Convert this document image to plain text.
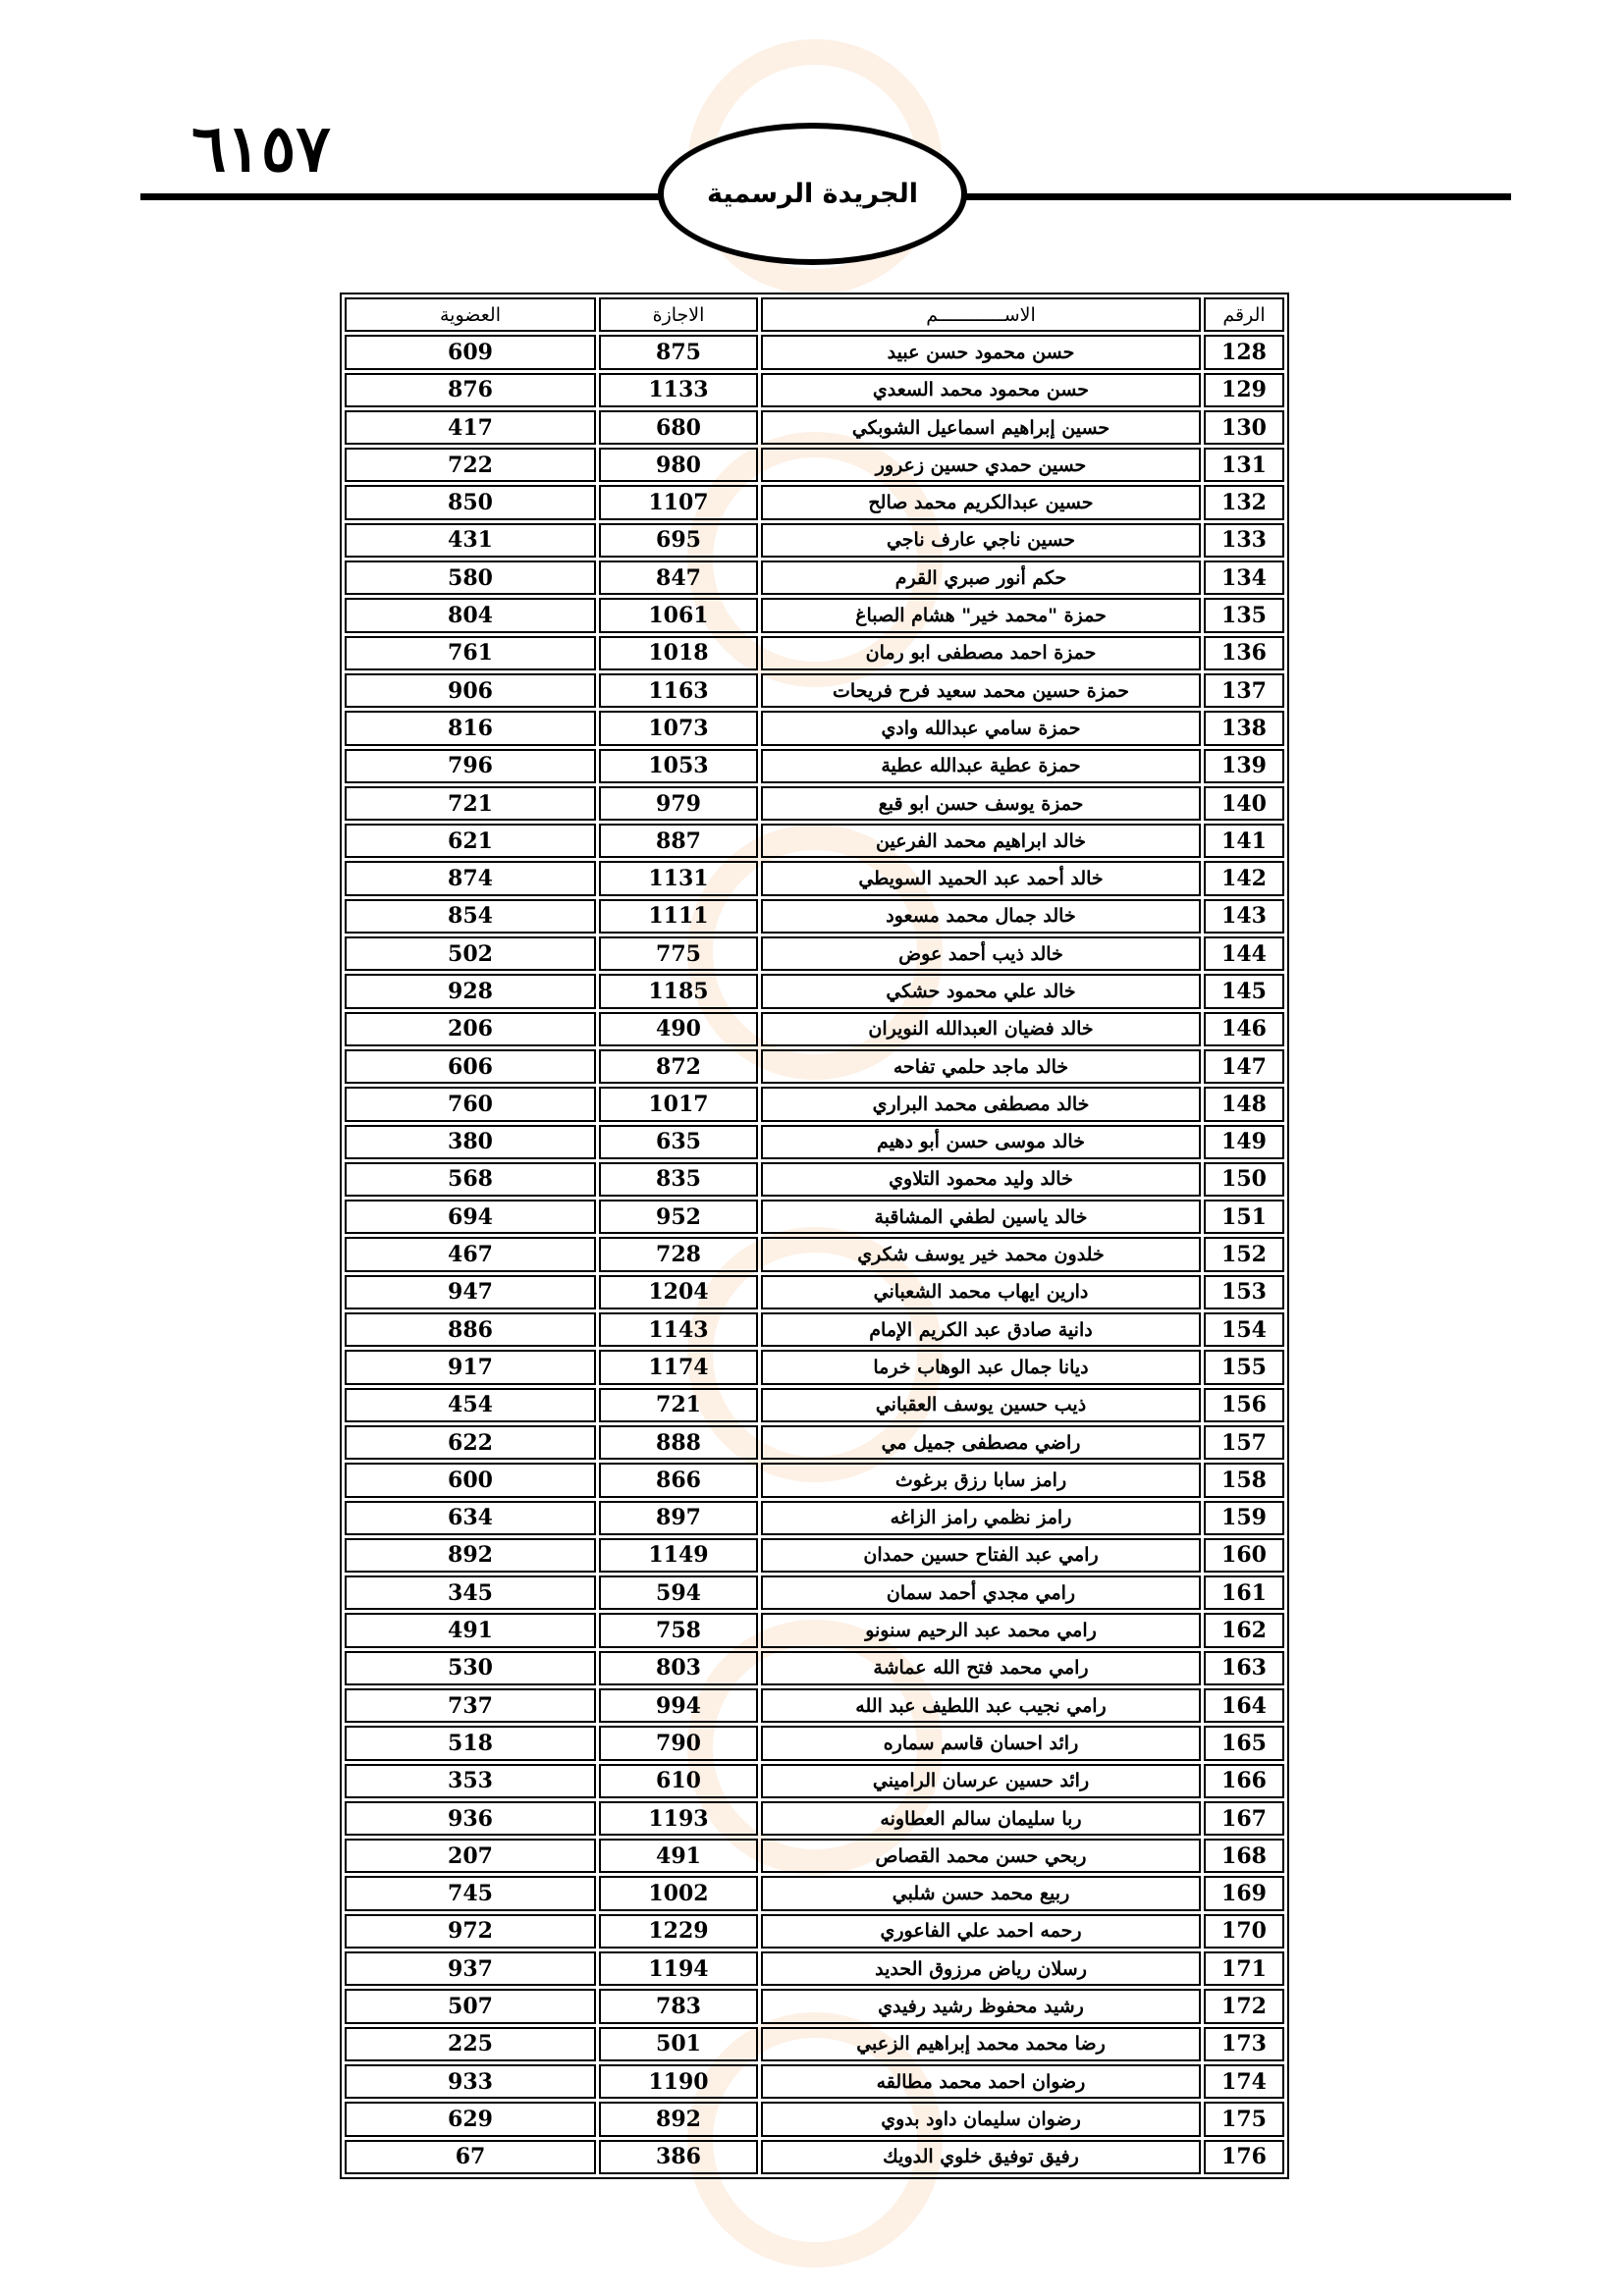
٦١٥٧
الجريدة الرسمية
الرقم	الاســــــــــــم	الاجازة	العضوية
128	حسن محمود حسن عبيد	875	609
129	حسن محمود محمد السعدي	1133	876
130	حسين إبراهيم اسماعيل الشوبكي	680	417
131	حسين حمدي حسين زعرور	980	722
132	حسين عبدالكريم محمد صالح	1107	850
133	حسين ناجي عارف ناجي	695	431
134	حكم أنور صبري القرم	847	580
135	حمزة "محمد خير" هشام الصباغ	1061	804
136	حمزة احمد مصطفى ابو رمان	1018	761
137	حمزة حسين محمد سعيد فرح فريحات	1163	906
138	حمزة سامي عبدالله وادي	1073	816
139	حمزة عطية عبدالله عطية	1053	796
140	حمزة يوسف حسن ابو قبع	979	721
141	خالد ابراهيم محمد الفرعين	887	621
142	خالد أحمد عبد الحميد السويطي	1131	874
143	خالد جمال محمد مسعود	1111	854
144	خالد ذيب أحمد عوض	775	502
145	خالد علي محمود حشكي	1185	928
146	خالد فضيان العبدالله النويران	490	206
147	خالد ماجد حلمي تفاحه	872	606
148	خالد مصطفى محمد البراري	1017	760
149	خالد موسى حسن أبو دهيم	635	380
150	خالد وليد محمود التلاوي	835	568
151	خالد ياسين لطفي المشاقبة	952	694
152	خلدون محمد خير يوسف شكري	728	467
153	دارين ايهاب محمد الشعباني	1204	947
154	دانية صادق عبد الكريم الإمام	1143	886
155	ديانا جمال عبد الوهاب خرما	1174	917
156	ذيب حسين يوسف العقباني	721	454
157	راضي مصطفى جميل مي	888	622
158	رامز سابا رزق برغوث	866	600
159	رامز نظمي رامز الزاغه	897	634
160	رامي عبد الفتاح حسين حمدان	1149	892
161	رامي مجدي أحمد سمان	594	345
162	رامي محمد عبد الرحيم سنونو	758	491
163	رامي محمد فتح الله عماشة	803	530
164	رامي نجيب عبد اللطيف عبد الله	994	737
165	رائد احسان قاسم سماره	790	518
166	رائد حسين عرسان الراميني	610	353
167	ربا سليمان سالم العطاونه	1193	936
168	ربحي حسن محمد القصاص	491	207
169	ربيع محمد حسن شلبي	1002	745
170	رحمه احمد علي الفاعوري	1229	972
171	رسلان رياض مرزوق الحديد	1194	937
172	رشيد محفوظ رشيد رفيدي	783	507
173	رضا محمد محمد إبراهيم الزعبي	501	225
174	رضوان احمد محمد مطالقه	1190	933
175	رضوان سليمان داود بدوي	892	629
176	رفيق توفيق خلوي الدويك	386	67
